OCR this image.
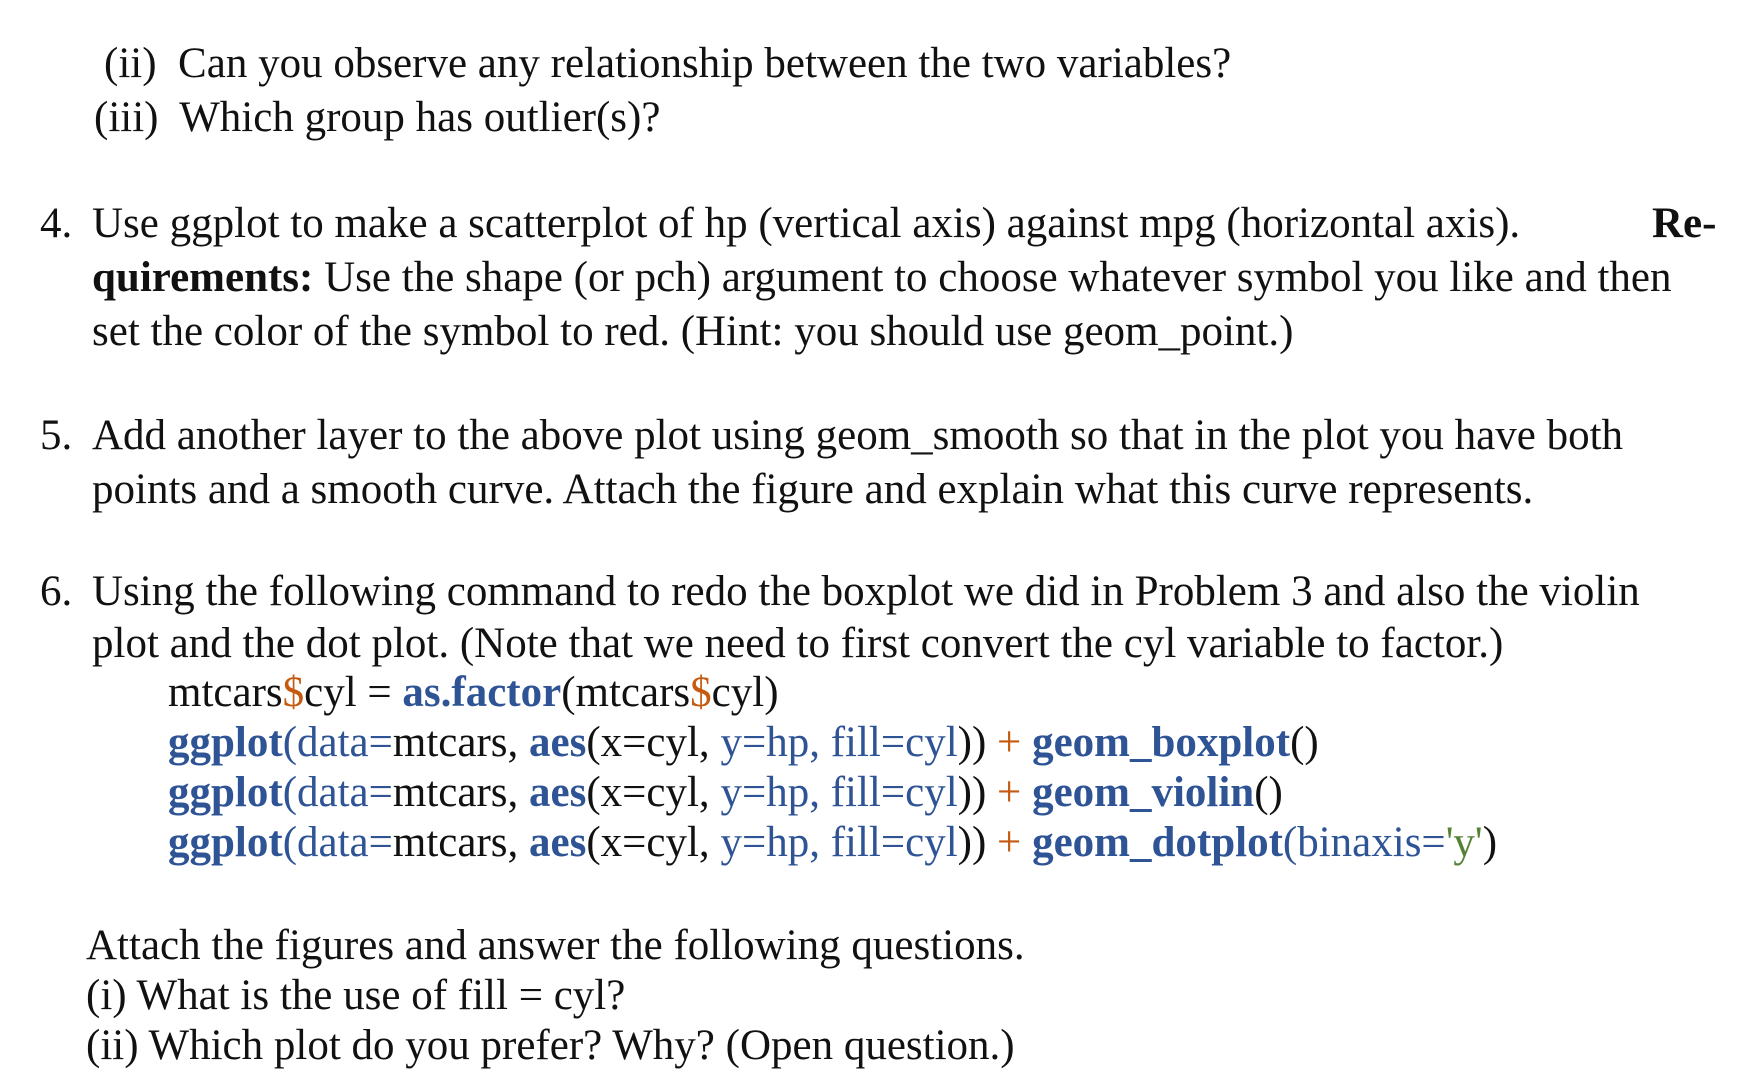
(ii) Can you observe any relationship between the two variables?
(iii) Which group has outlier(s)?
4. Use ggplot to make a scatterplot of hp (vertical axis) against mpg (horizontal axis).	Re-
quirements: Use the shape (or pch) argument to choose whatever symbol you like and then
set the color of the symbol to red. (Hint: you should use geom_point.)
5. Add another layer to the above plot using geom_smooth so that in the plot you have both
points and a smooth curve. Attach the figure and explain what this curve represents.
6. Using the following command to redo the boxplot we did in Problem 3 and also the violin
plot and the dot plot. (Note that we need to first convert the cyl variable to factor.)
mtcars$cyl = as.factor(mtcars$cyl)
ggplot(data=mtcars, aes(x=cyl, y=hp, fill=cyl)) + geom_boxplot()
ggplot(data=mtcars, aes(x=cyl, y=hp, fill=cyl)) + geom_violin()
ggplot(data=mtcars, aes(x=cyl, y=hp, fill=cyl)) + geom_dotplot(binaxis='y')
Attach the figures and answer the following questions.
(i) What is the use of fill = cyl?
(ii) Which plot do you prefer? Why? (Open question.)
